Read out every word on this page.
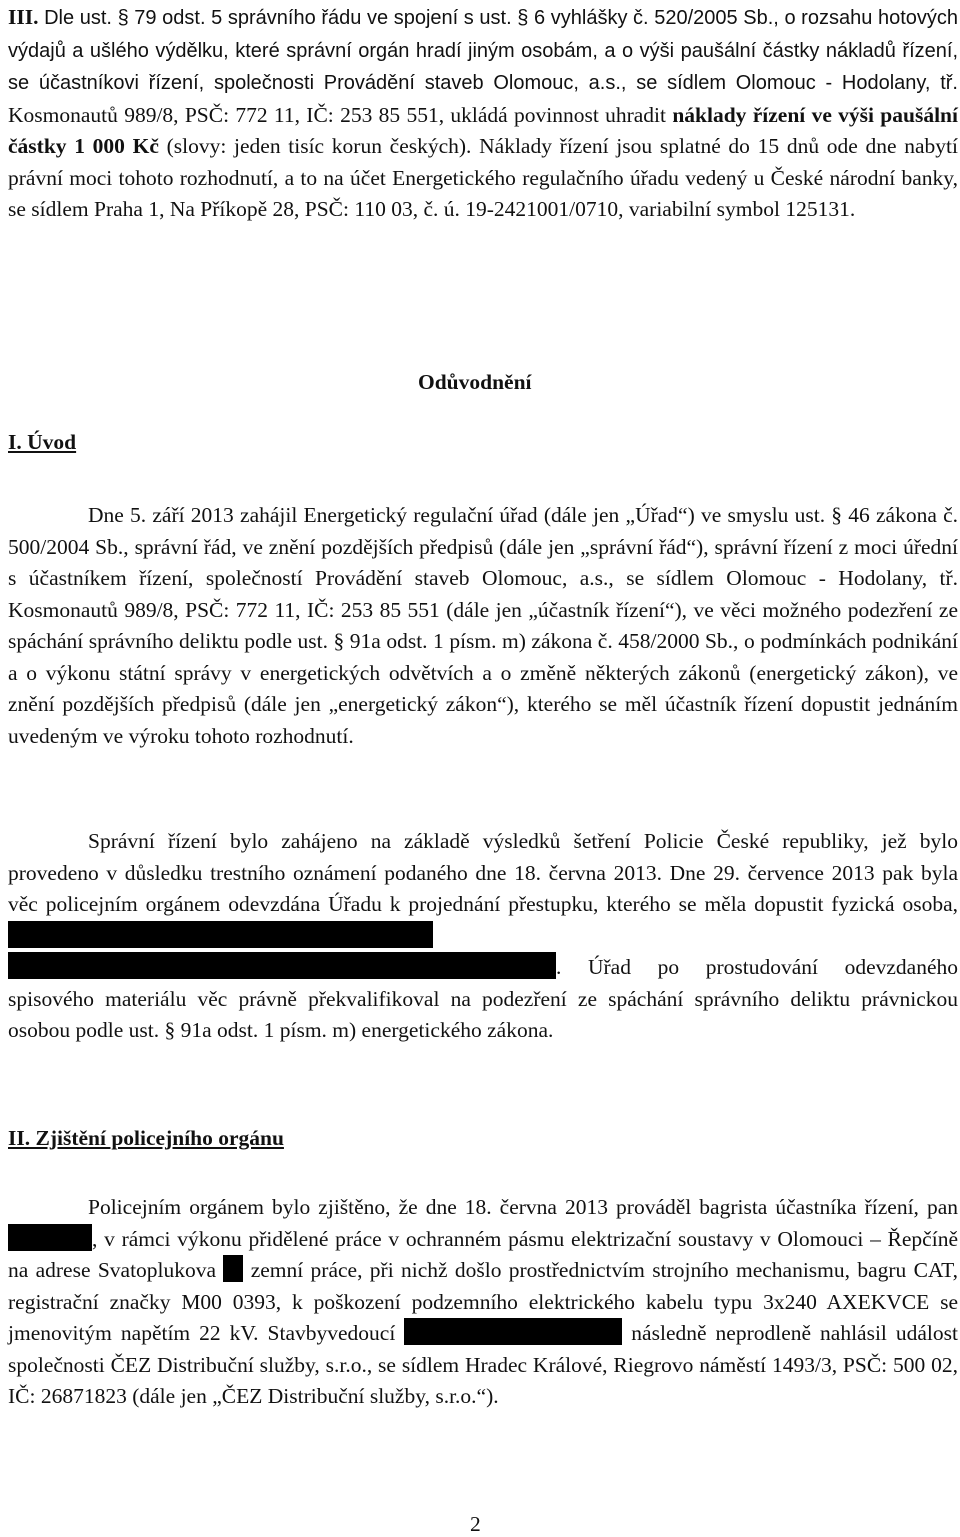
III. Dle ust. § 79 odst. 5 správního řádu ve spojení s ust. § 6 vyhlášky č. 520/2005 Sb., o rozsahu hotových výdajů a ušlého výdělku, které správní orgán hradí jiným osobám, a o výši paušální částky nákladů řízení, se účastníkovi řízení, společnosti Provádění staveb Olomouc, a.s., se sídlem Olomouc - Hodolany, tř. Kosmonautů 989/8, PSČ: 772 11, IČ: 253 85 551, ukládá povinnost uhradit náklady řízení ve výši paušální částky 1 000 Kč (slovy: jeden tisíc korun českých). Náklady řízení jsou splatné do 15 dnů ode dne nabytí právní moci tohoto rozhodnutí, a to na účet Energetického regulačního úřadu vedený u České národní banky, se sídlem Praha 1, Na Příkopě 28, PSČ: 110 03, č. ú. 19-2421001/0710, variabilní symbol 125131.

Odůvodnění

I. Úvod

Dne 5. září 2013 zahájil Energetický regulační úřad (dále jen „Úřad“) ve smyslu ust. § 46 zákona č. 500/2004 Sb., správní řád, ve znění pozdějších předpisů (dále jen „správní řád“), správní řízení z moci úřední s účastníkem řízení, společností Provádění staveb Olomouc, a.s., se sídlem Olomouc - Hodolany, tř. Kosmonautů 989/8, PSČ: 772 11, IČ: 253 85 551 (dále jen „účastník řízení“), ve věci možného podezření ze spáchání správního deliktu podle ust. § 91a odst. 1 písm. m) zákona č. 458/2000 Sb., o podmínkách podnikání a o výkonu státní správy v energetických odvětvích a o změně některých zákonů (energetický zákon), ve znění pozdějších předpisů (dále jen „energetický zákon“), kterého se měl účastník řízení dopustit jednáním uvedeným ve výroku tohoto rozhodnutí.

Správní řízení bylo zahájeno na základě výsledků šetření Policie České republiky, jež bylo provedeno v důsledku trestního oznámení podaného dne 18. června 2013. Dne 29. července 2013 pak byla věc policejním orgánem odevzdána Úřadu k projednání přestupku, kterého se měla dopustit fyzická osoba,  . Úřad po prostudování odevzdaného spisového materiálu věc právně překvalifikoval na podezření ze spáchání správního deliktu právnickou osobou podle ust. § 91a odst. 1 písm. m) energetického zákona.

II. Zjištění policejního orgánu

Policejním orgánem bylo zjištěno, že dne 18. června 2013 prováděl bagrista účastníka řízení, pan , v rámci výkonu přidělené práce v ochranném pásmu elektrizační soustavy v Olomouci – Řepčíně na adrese Svatoplukova  zemní práce, při nichž došlo prostřednictvím strojního mechanismu, bagru CAT, registrační značky M00 0393, k poškození podzemního elektrického kabelu typu 3x240 AXEKVCE se jmenovitým napětím 22 kV. Stavbyvedoucí	následně neprodleně nahlásil událost společnosti ČEZ Distribuční služby, s.r.o., se sídlem Hradec Králové, Riegrovo náměstí 1493/3, PSČ: 500 02, IČ: 26871823 (dále jen „ČEZ Distribuční služby, s.r.o.“).

2
